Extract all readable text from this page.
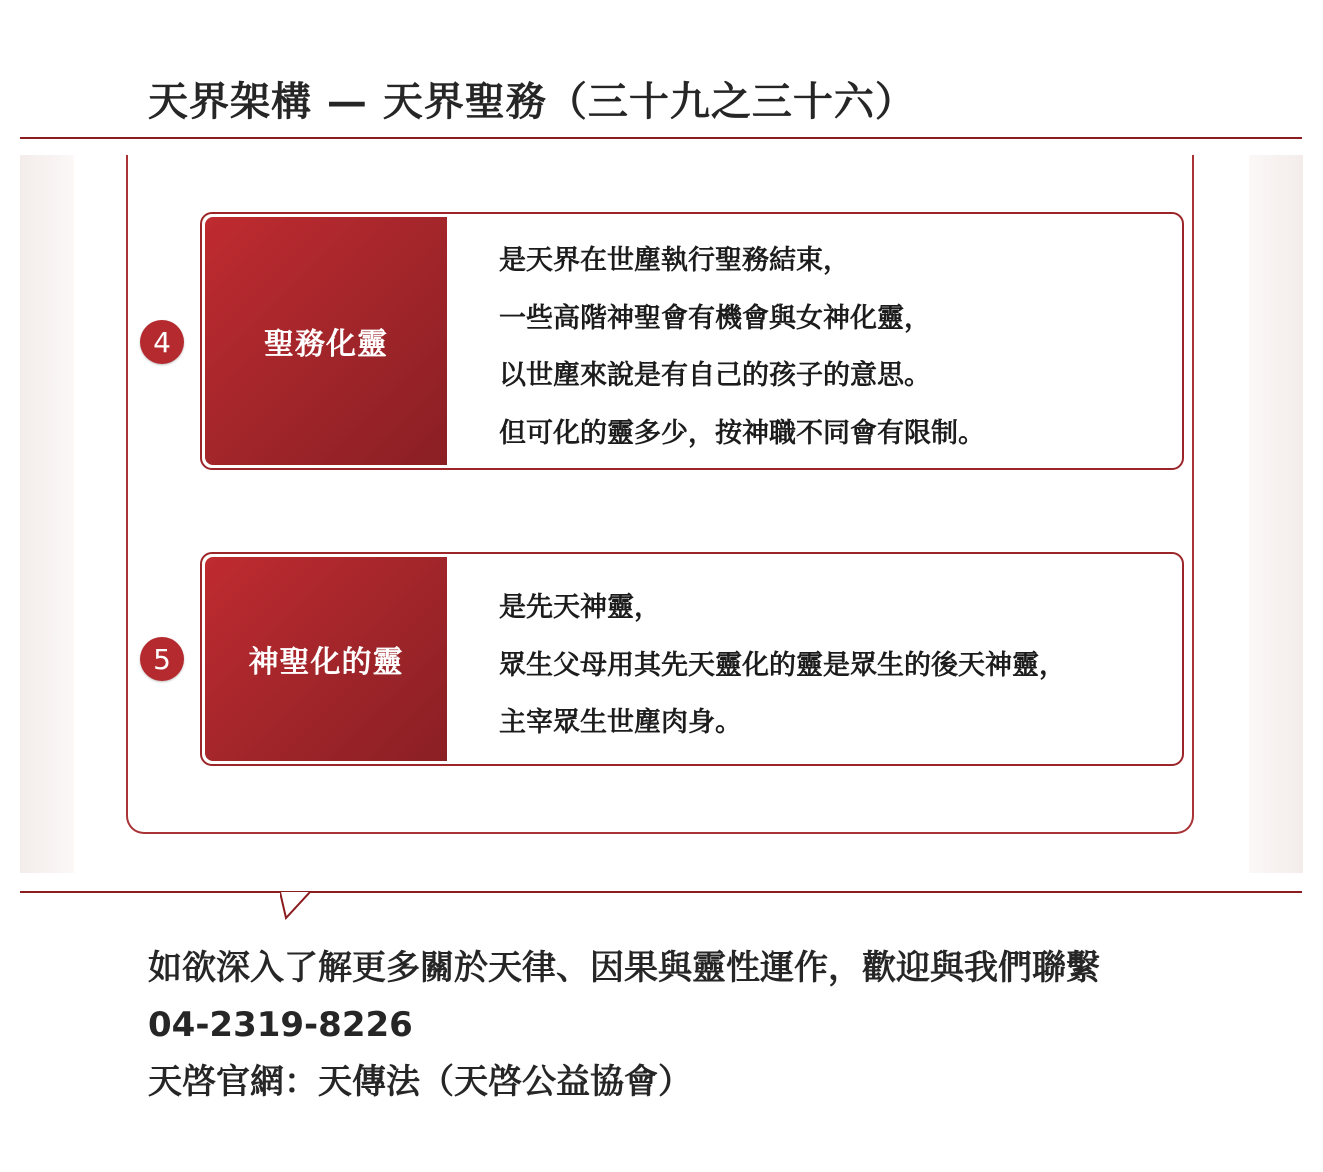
天界架構 — 天界聖務（三十九之三十六）
4	聖務化靈
是天界在世塵執行聖務結束，
一些高階神聖會有機會與女神化靈，
以世塵來說是有自己的孩子的意思。
但可化的靈多少，按神職不同會有限制。
5	神聖化的靈
是先天神靈，
眾生父母用其先天靈化的靈是眾生的後天神靈，
主宰眾生世塵肉身。
如欲深入了解更多關於天律、因果與靈性運作，歡迎與我們聯繫
04-2319-8226
天啓官網：天傳法（天啓公益協會）
